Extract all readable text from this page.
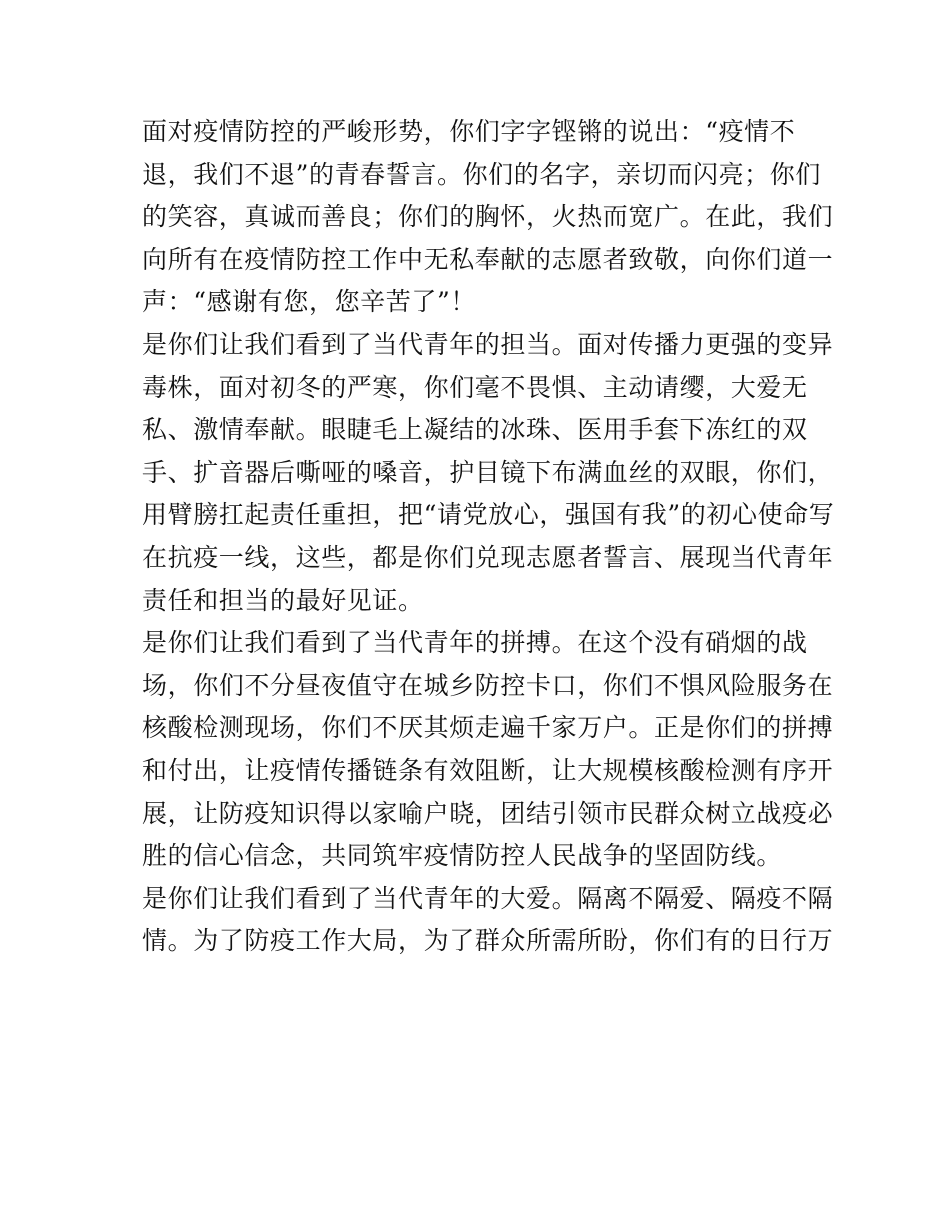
面对疫情防控的严峻形势，你们字字铿锵的说出：“疫情不
退，我们不退”的青春誓言。你们的名字，亲切而闪亮；你们
的笑容，真诚而善良；你们的胸怀，火热而宽广。在此，我们
向所有在疫情防控工作中无私奉献的志愿者致敬，向你们道一
声：“感谢有您，您辛苦了”！

是你们让我们看到了当代青年的担当。面对传播力更强的变异
毒株，面对初冬的严寒，你们毫不畏惧、主动请缨，大爱无
私、激情奉献。眼睫毛上凝结的冰珠、医用手套下冻红的双
手、扩音器后嘶哑的嗓音，护目镜下布满血丝的双眼，你们，
用臂膀扛起责任重担，把“请党放心，强国有我”的初心使命写
在抗疫一线，这些，都是你们兑现志愿者誓言、展现当代青年
责任和担当的最好见证。

是你们让我们看到了当代青年的拼搏。在这个没有硝烟的战
场，你们不分昼夜值守在城乡防控卡口，你们不惧风险服务在
核酸检测现场，你们不厌其烦走遍千家万户。正是你们的拼搏
和付出，让疫情传播链条有效阻断，让大规模核酸检测有序开
展，让防疫知识得以家喻户晓，团结引领市民群众树立战疫必
胜的信心信念，共同筑牢疫情防控人民战争的坚固防线。

是你们让我们看到了当代青年的大爱。隔离不隔爱、隔疫不隔
情。为了防疫工作大局，为了群众所需所盼，你们有的日行万
